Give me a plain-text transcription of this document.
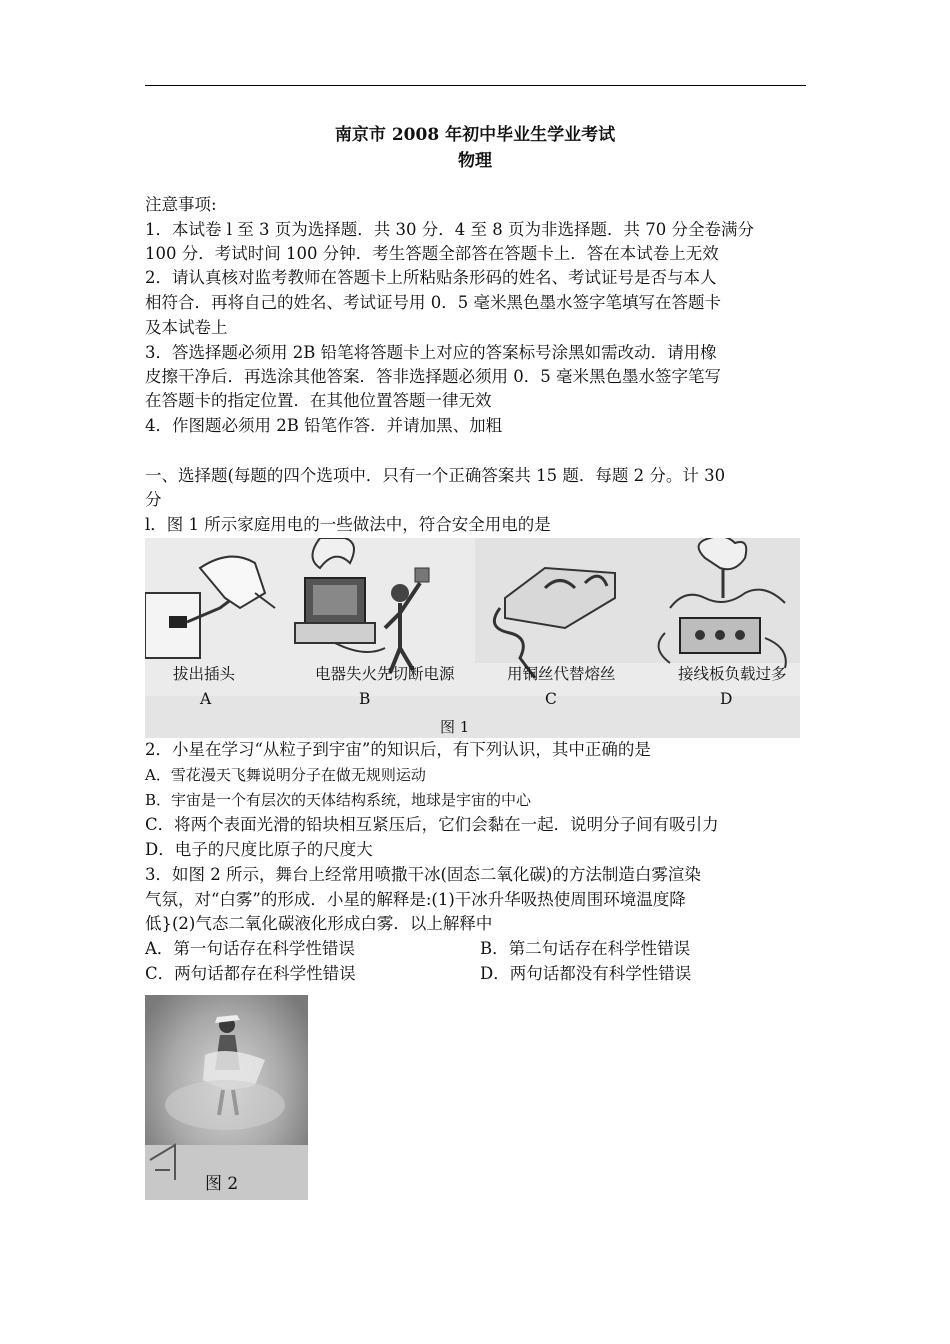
南京市 2008 年初中毕业生学业考试
物理
注意事项:
1．本试卷 l 至 3 页为选择题．共 30 分．4 至 8 页为非选择题．共 70 分全卷满分
100 分．考试时间 100 分钟．考生答题全部答在答题卡上．答在本试卷上无效
2．请认真核对监考教师在答题卡上所粘贴条形码的姓名、考试证号是否与本人
相符合．再将自己的姓名、考试证号用 0．5 毫米黑色墨水签字笔填写在答题卡
及本试卷上
3．答选择题必须用 2B 铅笔将答题卡上对应的答案标号涂黑如需改动．请用橡
皮擦干净后．再选涂其他答案．答非选择题必须用 0．5 毫米黑色墨水签字笔写
在答题卡的指定位置．在其他位置答题一律无效
4．作图题必须用 2B 铅笔作答．并请加黑、加粗
一、选择题(每题的四个选项中．只有一个正确答案共 15 题．每题 2 分。计 30
分
l．图 1 所示家庭用电的一些做法中，符合安全用电的是
拔出插头
A
电器失火先切断电源
B
用铜丝代替熔丝
C
接线板负载过多
D
图 1
2．小星在学习“从粒子到宇宙”的知识后，有下列认识，其中正确的是
A．雪花漫天飞舞说明分子在做无规则运动
B．宇宙是一个有层次的天体结构系统，地球是宇宙的中心
C．将两个表面光滑的铅块相互紧压后，它们会黏在一起．说明分子间有吸引力
D．电子的尺度比原子的尺度大
3．如图 2 所示，舞台上经常用喷撒干冰(固态二氧化碳)的方法制造白雾渲染
气氛，对“白雾”的形成．小星的解释是:(1)干冰升华吸热使周围环境温度降
低}(2)气态二氧化碳液化形成白雾．以上解释中
A．第一句话存在科学性错误	B．第二句话存在科学性错误
C．两句话都存在科学性错误	D．两句话都没有科学性错误
图 2
